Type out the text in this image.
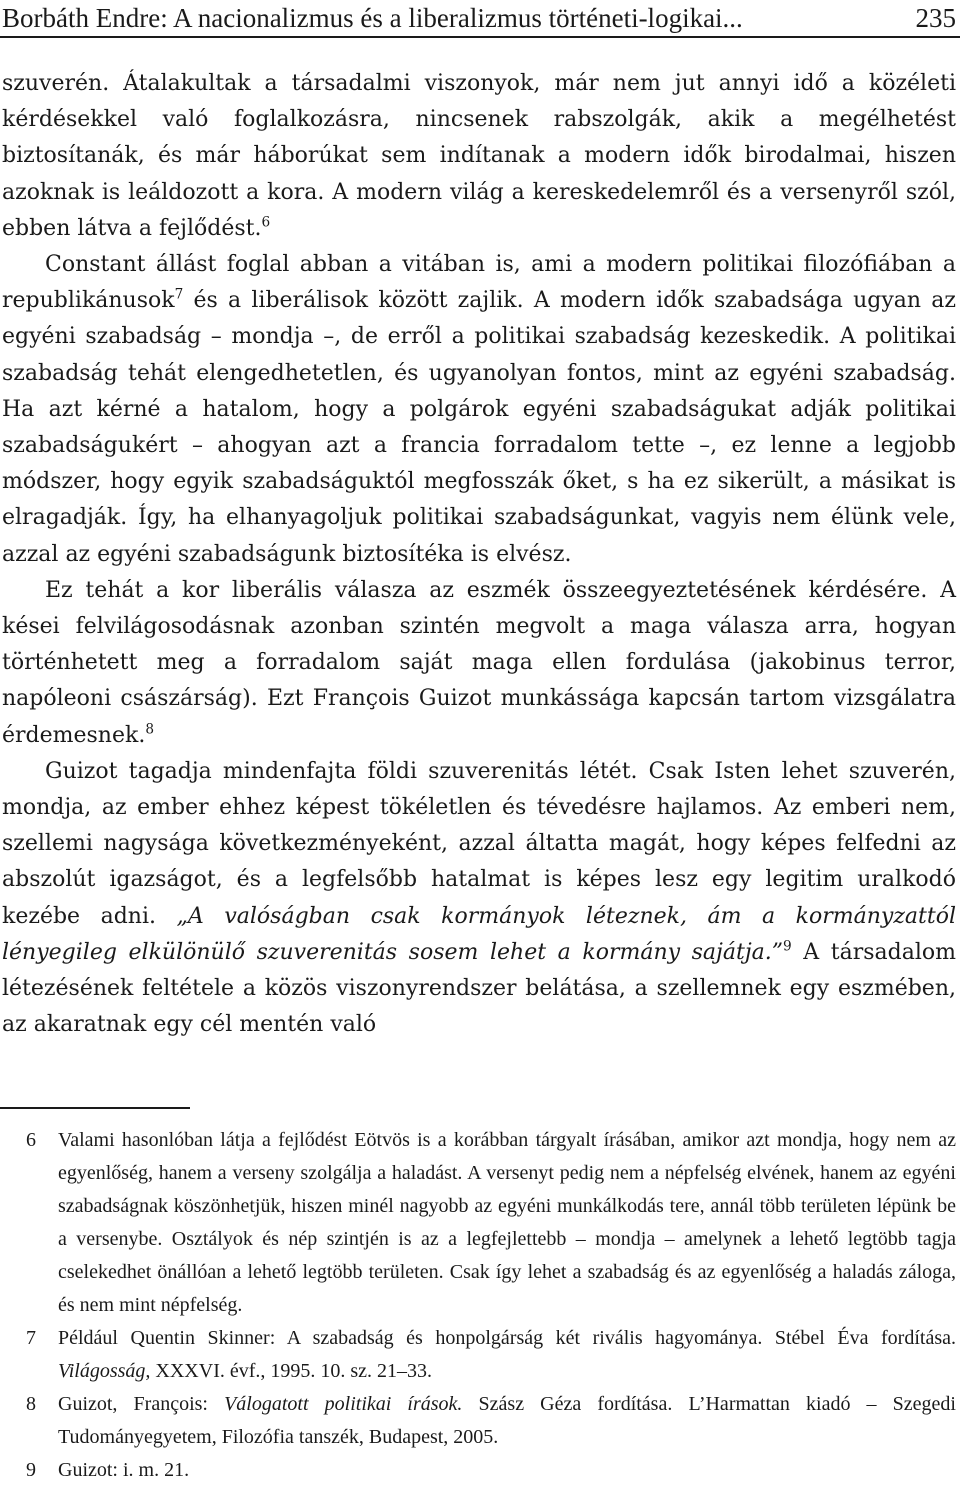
Borbáth Endre: A nacionalizmus és a liberalizmus történeti-logikai...	235

szuverén. Átalakultak a társadalmi viszonyok, már nem jut annyi idő a közéleti kérdésekkel való foglalkozásra, nincsenek rabszolgák, akik a megélhetést biztosítanák, és már háborúkat sem indítanak a modern idők birodalmai, hiszen azoknak is leáldozott a kora. A modern világ a kereskedelemről és a versenyről szól, ebben látva a fejlődést.$^6$

Constant állást foglal abban a vitában is, ami a modern politikai filozófiában a republikánusok$^7$ és a liberálisok között zajlik. A modern idők szabadsága ugyan az egyéni szabadság – mondja –, de erről a politikai szabadság kezeskedik. A politikai szabadság tehát elengedhetetlen, és ugyanolyan fontos, mint az egyéni szabadság. Ha azt kérné a hatalom, hogy a polgárok egyéni szabadságukat adják politikai szabadságukért – ahogyan azt a francia forradalom tette –, ez lenne a legjobb módszer, hogy egyik szabadságuktól megfosszák őket, s ha ez sikerült, a másikat is elragadják. Így, ha elhanyagoljuk politikai szabadságunkat, vagyis nem élünk vele, azzal az egyéni szabadságunk biztosítéka is elvész.

Ez tehát a kor liberális válasza az eszmék összeegyeztetésének kérdésére. A kései felvilágosodásnak azonban szintén megvolt a maga válasza arra, hogyan történhetett meg a forradalom saját maga ellen fordulása (jakobinus terror, napóleoni császárság). Ezt François Guizot munkássága kapcsán tartom vizsgálatra érdemesnek.$^8$

Guizot tagadja mindenfajta földi szuverenitás létét. Csak Isten lehet szuverén, mondja, az ember ehhez képest tökéletlen és tévedésre hajlamos. Az emberi nem, szellemi nagysága következményeként, azzal áltatta magát, hogy képes felfedni az abszolút igazságot, és a legfelsőbb hatalmat is képes lesz egy legitim uralkodó kezébe adni. „A valóságban csak kormányok léteznek, ám a kormányzattól lényegileg elkülönülő szuverenitás sosem lehet a kormány sajátja.”$^9$ A társadalom létezésének feltétele a közös viszonyrendszer belátása, a szellemnek egy eszmében, az akaratnak egy cél mentén való

6 Valami hasonlóban látja a fejlődést Eötvös is a korábban tárgyalt írásában, amikor azt mondja, hogy nem az egyenlőség, hanem a verseny szolgálja a haladást. A versenyt pedig nem a népfelség elvének, hanem az egyéni szabadságnak köszönhetjük, hiszen minél nagyobb az egyéni munkálkodás tere, annál több területen lépünk be a versenybe. Osztályok és nép szintjén is az a legfejlettebb – mondja – amelynek a lehető legtöbb tagja cselekedhet önállóan a lehető legtöbb területen. Csak így lehet a szabadság és az egyenlőség a haladás záloga, és nem mint népfelség.
7 Például Quentin Skinner: A szabadság és honpolgárság két rivális hagyománya. Stébel Éva fordítása. Világosság, XXXVI. évf., 1995. 10. sz. 21–33.
8 Guizot, François: Válogatott politikai írások. Szász Géza fordítása. L’Harmattan kiadó – Szegedi Tudományegyetem, Filozófia tanszék, Budapest, 2005.
9 Guizot: i. m. 21.
